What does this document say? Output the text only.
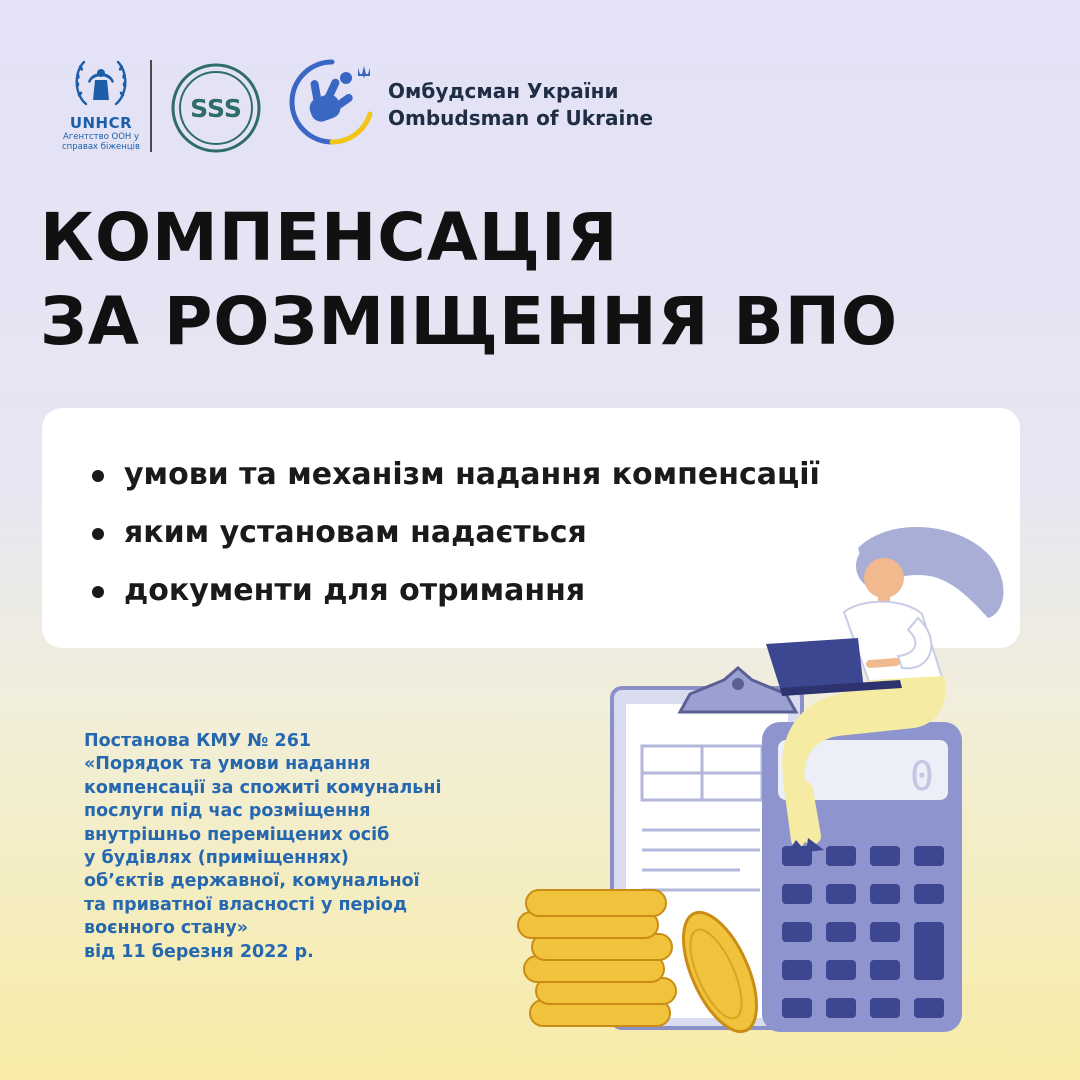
UNHCR
Агентство ООН у
справах біженців
SSS
Омбудсман України
Ombudsman of Ukraine
КОМПЕНСАЦІЯ
ЗА РОЗМІЩЕННЯ ВПО
умови та механізм надання компенсації
яким установам надається
документи для отримання
Постанова КМУ № 261
«Порядок та умови надання
компенсації за спожиті комунальні
послуги під час розміщення
внутрішньо переміщених осіб
у будівлях (приміщеннях)
об’єктів державної, комунальної
та приватної власності у період
воєнного стану»
від 11 березня 2022 р.
0
